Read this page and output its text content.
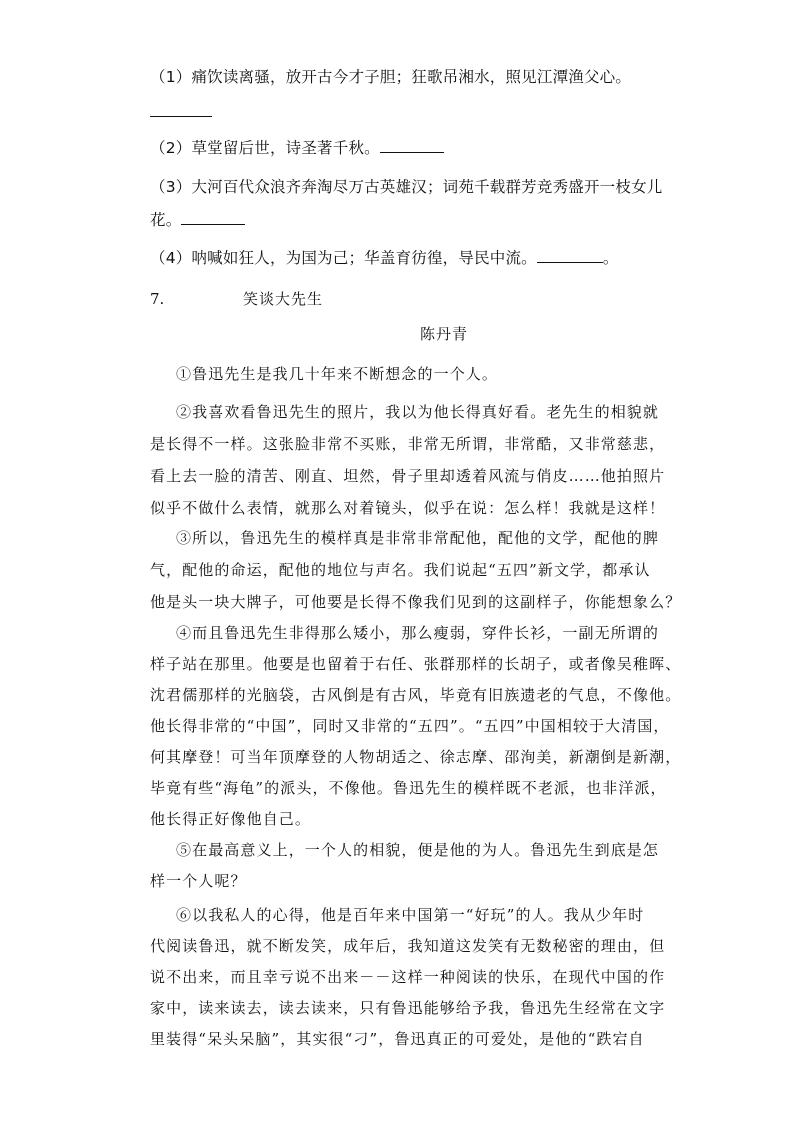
（1）痛饮读离骚，放开古今才子胆；狂歌吊湘水，照见江潭渔父心。
（2）草堂留后世，诗圣著千秋。
（3）大河百代众浪齐奔淘尽万古英雄汉；词苑千载群芳竞秀盛开一枝女儿
花。
（4）呐喊如狂人，为国为己；华盖育彷徨，导民中流。	。
7.	笑谈大先生
陈丹青
①鲁迅先生是我几十年来不断想念的一个人。
②我喜欢看鲁迅先生的照片，我以为他长得真好看。老先生的相貌就
是长得不一样。这张脸非常不买账，非常无所谓，非常酷，又非常慈悲，
看上去一脸的清苦、刚直、坦然，骨子里却透着风流与俏皮……他拍照片
似乎不做什么表情，就那么对着镜头，似乎在说：怎么样！我就是这样！
③所以，鲁迅先生的模样真是非常非常配他，配他的文学，配他的脾
气，配他的命运，配他的地位与声名。我们说起“五四”新文学，都承认
他是头一块大牌子，可他要是长得不像我们见到的这副样子，你能想象么？
④而且鲁迅先生非得那么矮小，那么瘦弱，穿件长衫，一副无所谓的
样子站在那里。他要是也留着于右任、张群那样的长胡子，或者像吴稚晖、
沈君儒那样的光脑袋，古风倒是有古风，毕竟有旧族遗老的气息，不像他。
他长得非常的“中国”，同时又非常的“五四”。“五四”中国相较于大清国，
何其摩登！可当年顶摩登的人物胡适之、徐志摩、邵洵美，新潮倒是新潮，
毕竟有些“海龟”的派头，不像他。鲁迅先生的模样既不老派，也非洋派，
他长得正好像他自己。
⑤在最高意义上，一个人的相貌，便是他的为人。鲁迅先生到底是怎
样一个人呢？
⑥以我私人的心得，他是百年来中国第一“好玩”的人。我从少年时
代阅读鲁迅，就不断发笑，成年后，我知道这发笑有无数秘密的理由，但
说不出来，而且幸亏说不出来－－这样一种阅读的快乐，在现代中国的作
家中，读来读去，读去读来，只有鲁迅能够给予我，鲁迅先生经常在文字
里装得“呆头呆脑”，其实很“刁”，鲁迅真正的可爱处，是他的“跌宕自
